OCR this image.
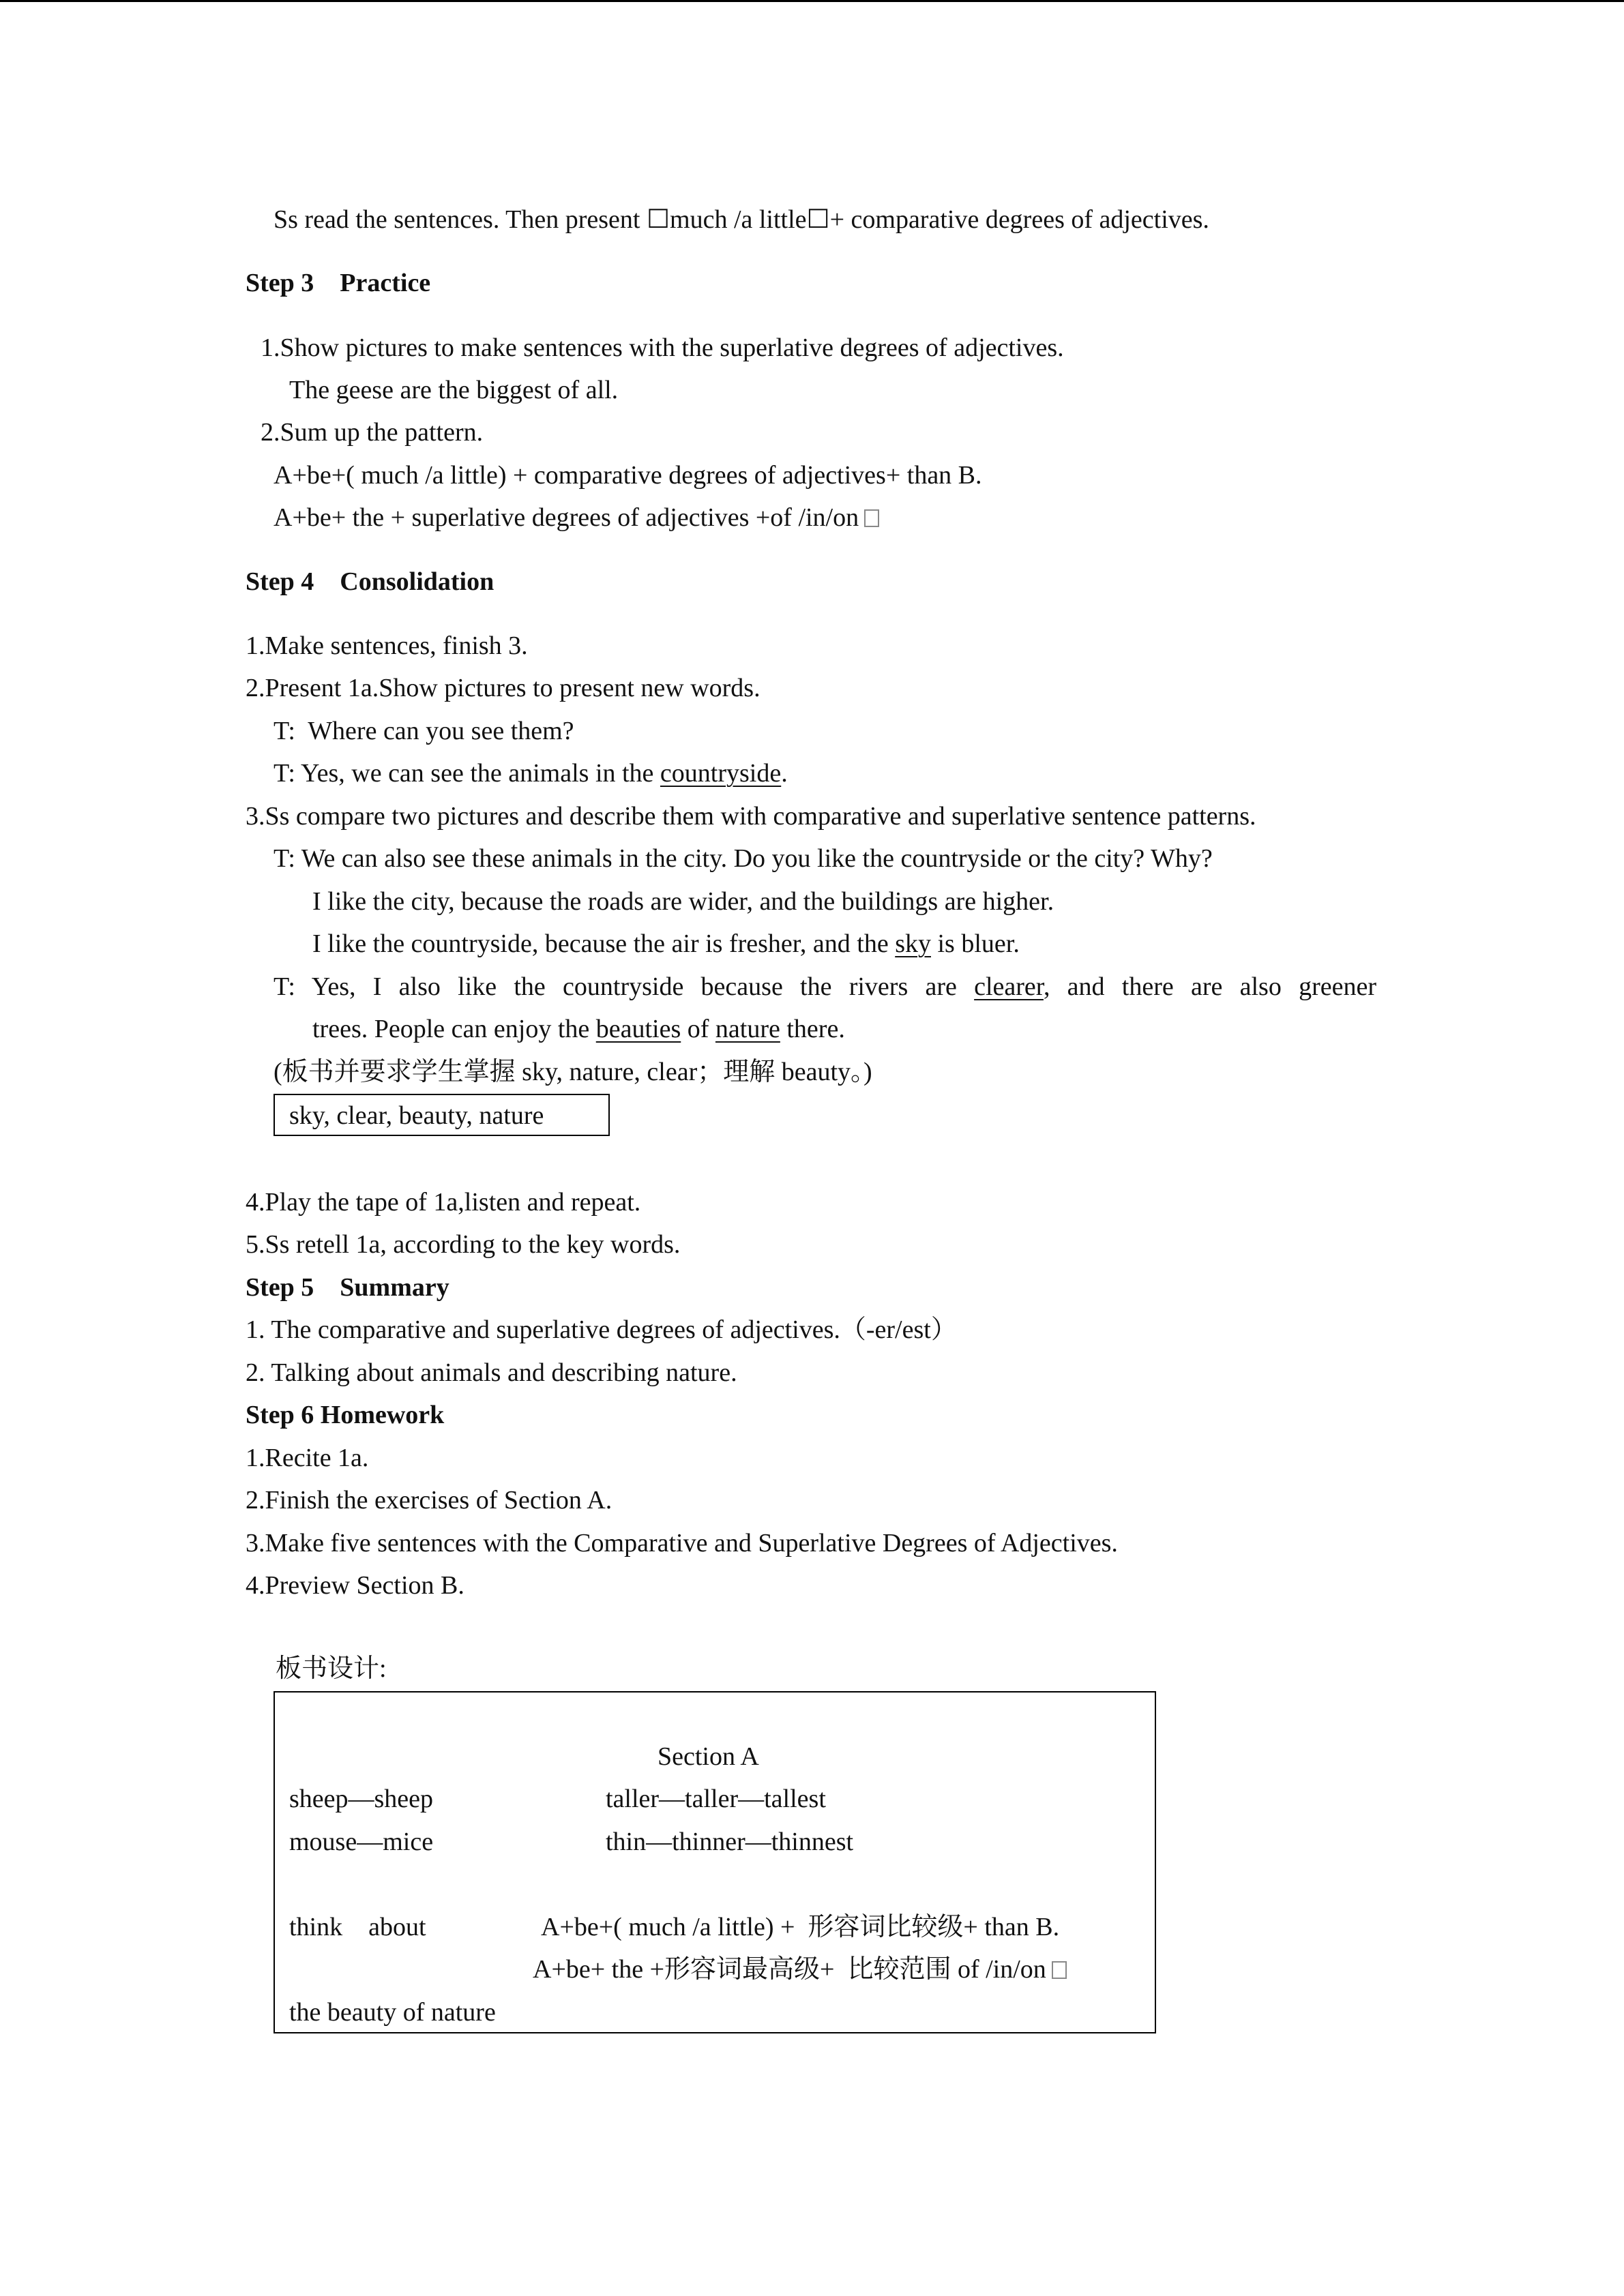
Ss read the sentences. Then present ☐much /a little☐+ comparative degrees of adjectives.
Step 3    Practice
1.Show pictures to make sentences with the superlative degrees of adjectives.
The geese are the biggest of all.
2.Sum up the pattern.
A+be+( much /a little) + comparative degrees of adjectives+ than B.
A+be+ the + superlative degrees of adjectives +of /in/on
Step 4    Consolidation
1.Make sentences, finish 3.
2.Present 1a.Show pictures to present new words.
T:  Where can you see them?
T: Yes, we can see the animals in the countryside.
3.Ss compare two pictures and describe them with comparative and superlative sentence patterns.
T: We can also see these animals in the city. Do you like the countryside or the city? Why?
I like the city, because the roads are wider, and the buildings are higher.
I like the countryside, because the air is fresher, and the sky is bluer.
T:  Yes,  I  also  like  the  countryside  because  the  rivers  are  clearer,  and  there  are  also  greener
trees. People can enjoy the beauties of nature there.
(板书并要求学生掌握 sky, nature, clear；理解 beauty。)
sky, clear, beauty, nature
4.Play the tape of 1a,listen and repeat.
5.Ss retell 1a, according to the key words.
Step 5    Summary
1. The comparative and superlative degrees of adjectives.（-er/est）
2. Talking about animals and describing nature.
Step 6 Homework
1.Recite 1a.
2.Finish the exercises of Section A.
3.Make five sentences with the Comparative and Superlative Degrees of Adjectives.
4.Preview Section B.
板书设计:
Section A
sheep—sheep	taller—taller—tallest
mouse—mice	thin—thinner—thinnest
think    about	A+be+( much /a little) +  形容词比较级+ than B.
A+be+ the +形容词最高级+  比较范围 of /in/on
the beauty of nature
